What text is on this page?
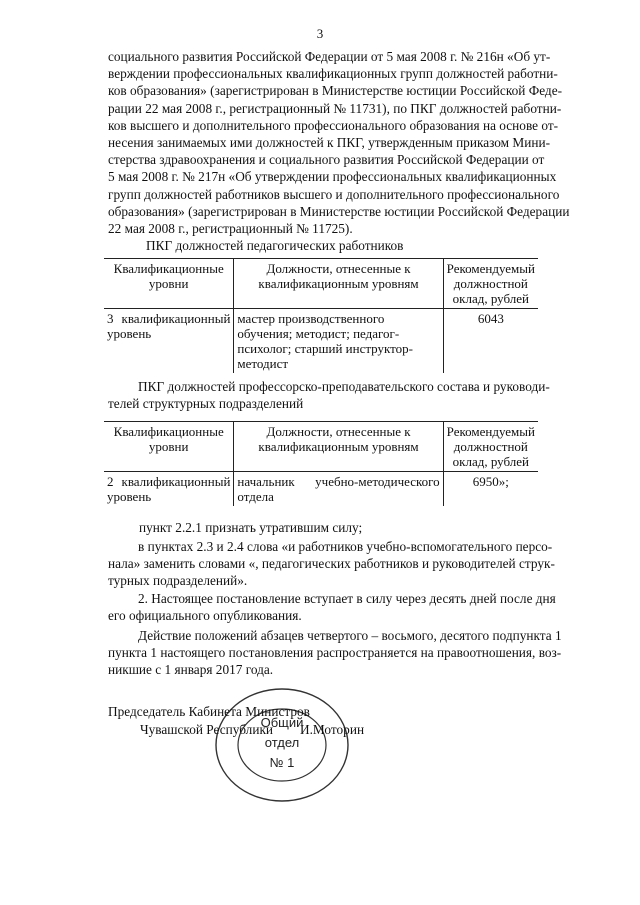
3
социального развития Российской Федерации от 5 мая 2008 г. № 216н «Об ут-
верждении профессиональных квалификационных групп должностей работни-
ков образования» (зарегистрирован в Министерстве юстиции Российской Феде-
рации 22 мая 2008 г., регистрационный № 11731), по ПКГ должностей работни-
ков высшего и дополнительного профессионального образования на основе от-
несения занимаемых ими должностей к ПКГ, утвержденным приказом Мини-
стерства здравоохранения и социального развития Российской Федерации от
5 мая 2008 г. № 217н «Об утверждении профессиональных квалификационных
групп должностей работников высшего и дополнительного профессионального
образования» (зарегистрирован в Министерстве юстиции Российской Федерации
22 мая 2008 г., регистрационный № 11725).
ПКГ должностей педагогических работников
Квалификационные уровни	Должности, отнесенные к квалификационным уровням	Рекомендуемый должностной оклад, рублей
3 квалификационный уровень	мастер производственного обучения; методист; педагог-психолог; старший инструктор-методист	6043
ПКГ должностей профессорско-преподавательского состава и руководи-
телей структурных подразделений
Квалификационные уровни	Должности, отнесенные к квалификационным уровням	Рекомендуемый должностной оклад, рублей
2 квалификационный уровень	начальник учебно-методического отдела	6950»;
пункт 2.2.1 признать утратившим силу;
в пунктах 2.3 и 2.4 слова «и работников учебно-вспомогательного персо-
нала» заменить словами «, педагогических работников и руководителей струк-
турных подразделений».
2. Настоящее постановление вступает в силу через десять дней после дня
его официального опубликования.
Действие положений абзацев четвертого – восьмого, десятого подпункта 1
пункта 1 настоящего постановления распространяется на правоотношения, воз-
никшие с 1 января 2017 года.
Общий
отдел
№ 1
Председатель Кабинета Министров
Чувашской Республики И.Моторин
